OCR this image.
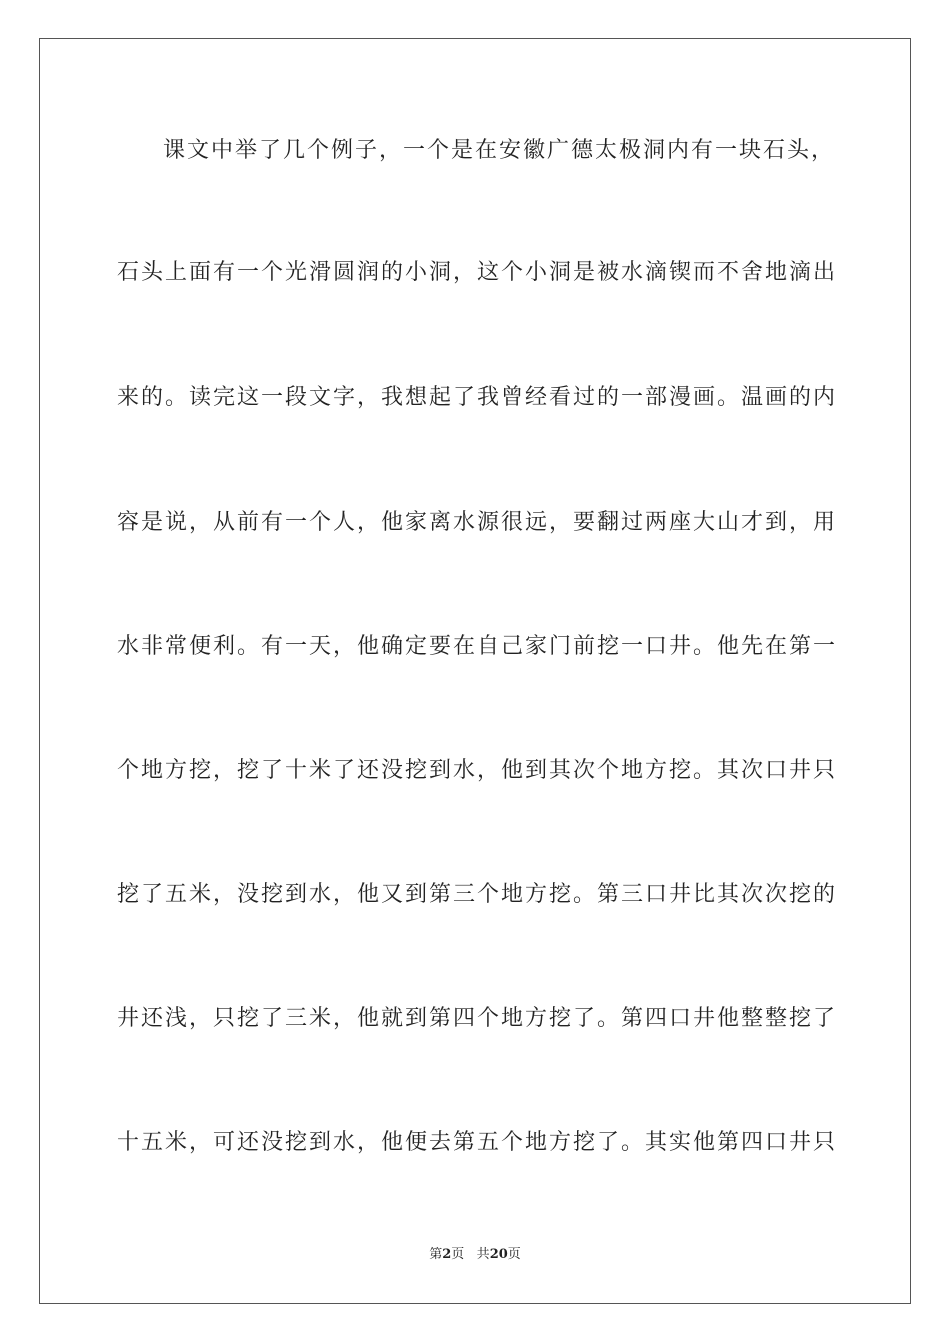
课文中举了几个例子，一个是在安徽广德太极洞内有一块石头，
石头上面有一个光滑圆润的小洞，这个小洞是被水滴锲而不舍地滴出
来的。读完这一段文字，我想起了我曾经看过的一部漫画。温画的内
容是说，从前有一个人，他家离水源很远，要翻过两座大山才到，用
水非常便利。有一天，他确定要在自己家门前挖一口井。他先在第一
个地方挖，挖了十米了还没挖到水，他到其次个地方挖。其次口井只
挖了五米，没挖到水，他又到第三个地方挖。第三口井比其次次挖的
井还浅，只挖了三米，他就到第四个地方挖了。第四口井他整整挖了
十五米，可还没挖到水，他便去第五个地方挖了。其实他第四口井只
第2页 共20页
